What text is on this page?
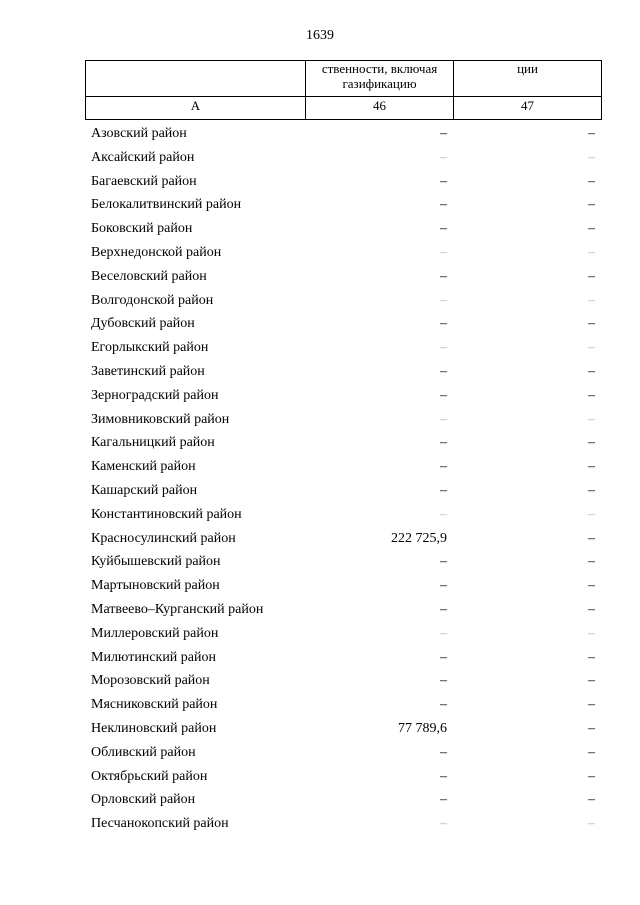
1639
	ственности, включая газификацию	ции
А	46	47
Азовский район	–	–
Аксайский район	–	–
Багаевский район	–	–
Белокалитвинский район	–	–
Боковский район	–	–
Верхнедонской район	–	–
Веселовский район	–	–
Волгодонской район	–	–
Дубовский район	–	–
Егорлыкский район	–	–
Заветинский район	–	–
Зерноградский район	–	–
Зимовниковский район	–	–
Кагальницкий район	–	–
Каменский район	–	–
Кашарский район	–	–
Константиновский район	–	–
Красносулинский район	222 725,9	–
Куйбышевский район	–	–
Мартыновский район	–	–
Матвеево–Курганский район	–	–
Миллеровский район	–	–
Милютинский район	–	–
Морозовский район	–	–
Мясниковский район	–	–
Неклиновский район	77 789,6	–
Обливский район	–	–
Октябрьский район	–	–
Орловский район	–	–
Песчанокопский район	–	–
